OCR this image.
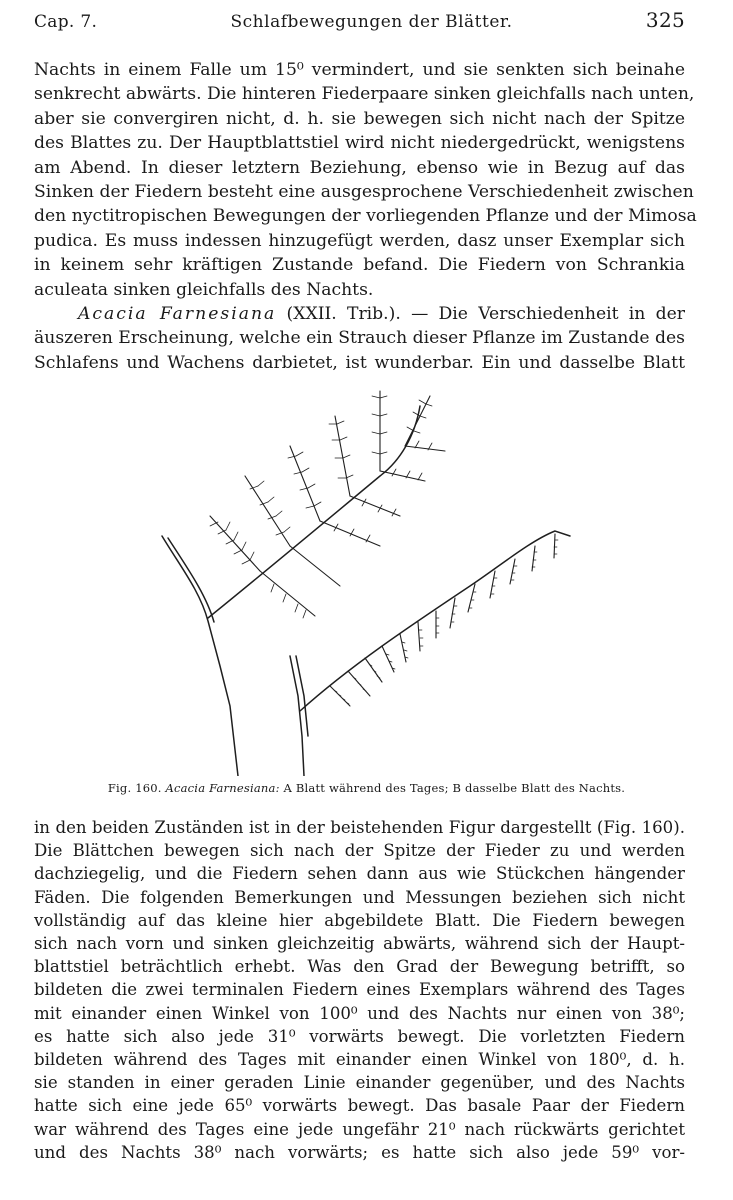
Cap. 7.	Schlafbewegungen der Blätter.	325
Nachts in einem Falle um 15⁰ vermindert, und sie senkten sich beinahe
senkrecht abwärts. Die hinteren Fiederpaare sinken gleichfalls nach unten,
aber sie convergiren nicht, d. h. sie bewegen sich nicht nach der Spitze
des Blattes zu. Der Hauptblattstiel wird nicht niedergedrückt, wenigstens
am Abend. In dieser letztern Beziehung, ebenso wie in Bezug auf das
Sinken der Fiedern besteht eine ausgesprochene Verschiedenheit zwischen
den nyctitropischen Bewegungen der vorliegenden Pflanze und der Mimosa
pudica. Es muss indessen hinzugefügt werden, dasz unser Exemplar sich
in keinem sehr kräftigen Zustande befand. Die Fiedern von Schrankia
aculeata sinken gleichfalls des Nachts.
Acacia Farnesiana (XXII. Trib.). — Die Verschiedenheit in der
äuszeren Erscheinung, welche ein Strauch dieser Pflanze im Zustande des
Schlafens und Wachens darbietet, ist wunderbar. Ein und dasselbe Blatt
Fig. 160. Acacia Farnesiana: A Blatt während des Tages; B dasselbe Blatt des Nachts.
in den beiden Zuständen ist in der beistehenden Figur dargestellt (Fig. 160).
Die Blättchen bewegen sich nach der Spitze der Fieder zu und werden
dachziegelig, und die Fiedern sehen dann aus wie Stückchen hängender
Fäden. Die folgenden Bemerkungen und Messungen beziehen sich nicht
vollständig auf das kleine hier abgebildete Blatt. Die Fiedern bewegen
sich nach vorn und sinken gleichzeitig abwärts, während sich der Haupt-
blattstiel beträchtlich erhebt. Was den Grad der Bewegung betrifft, so
bildeten die zwei terminalen Fiedern eines Exemplars während des Tages
mit einander einen Winkel von 100⁰ und des Nachts nur einen von 38⁰;
es hatte sich also jede 31⁰ vorwärts bewegt. Die vorletzten Fiedern
bildeten während des Tages mit einander einen Winkel von 180⁰, d. h.
sie standen in einer geraden Linie einander gegenüber, und des Nachts
hatte sich eine jede 65⁰ vorwärts bewegt. Das basale Paar der Fiedern
war während des Tages eine jede ungefähr 21⁰ nach rückwärts gerichtet
und des Nachts 38⁰ nach vorwärts; es hatte sich also jede 59⁰ vor-
